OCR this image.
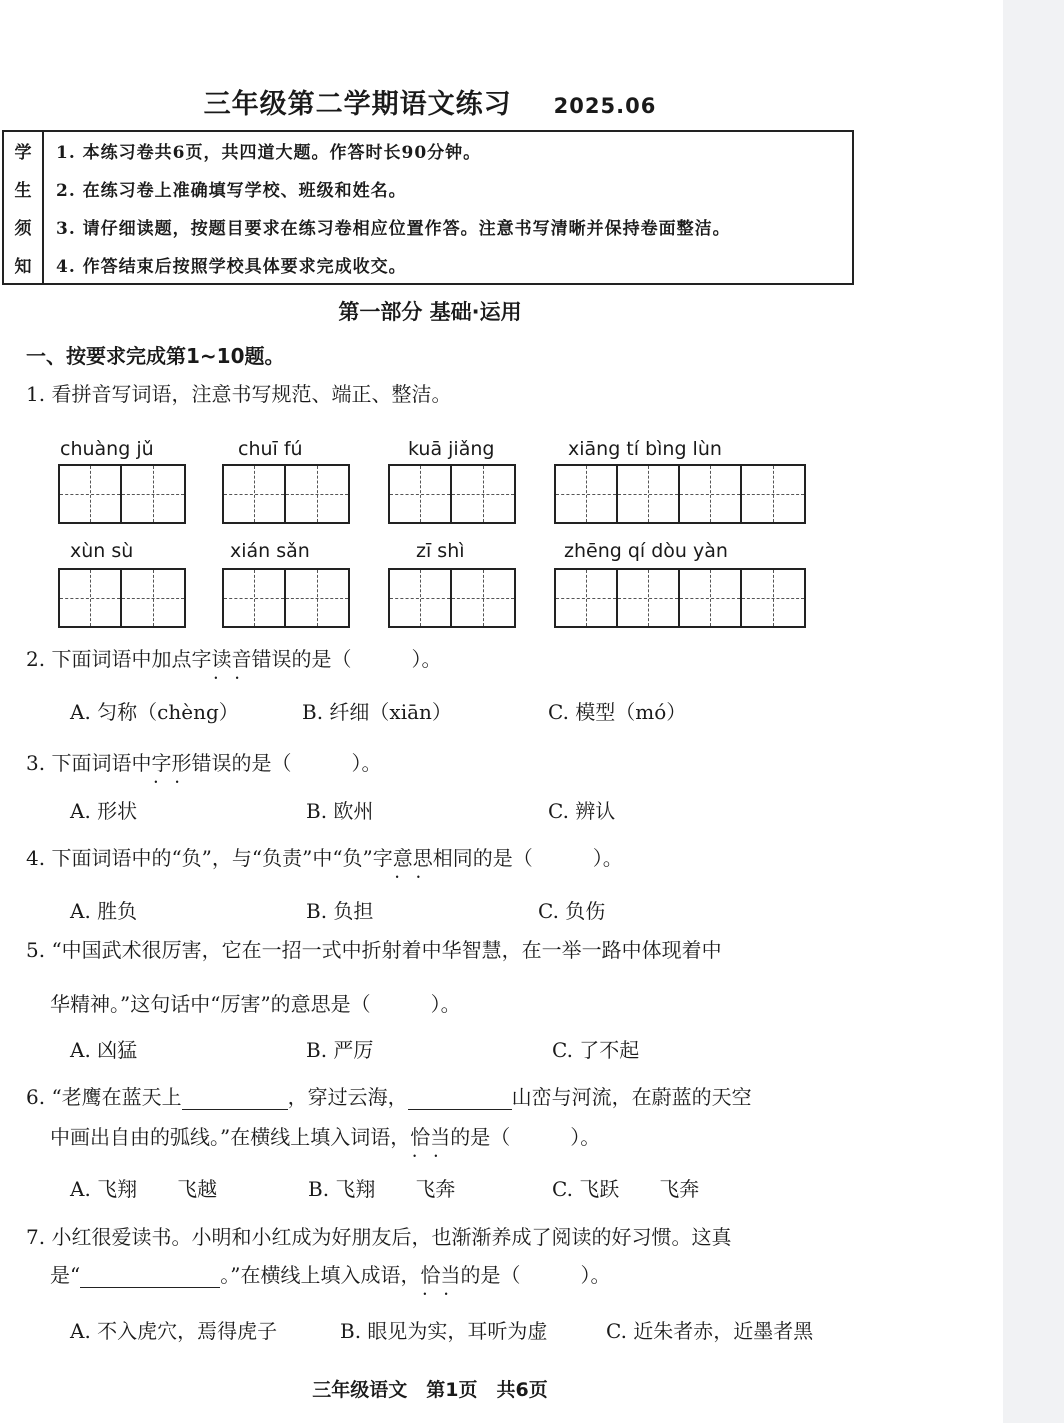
三年级第二学期语文练习 2025.06
学
生
须
知
1. 本练习卷共6页，共四道大题。作答时长90分钟。
2. 在练习卷上准确填写学校、班级和姓名。
3. 请仔细读题，按题目要求在练习卷相应位置作答。注意书写清晰并保持卷面整洁。
4. 作答结束后按照学校具体要求完成收交。
第一部分 基础·运用
一、按要求完成第1~10题。
1. 看拼音写词语，注意书写规范、端正、整洁。
chuàng jǔ	chuī fú	kuā jiǎng	xiāng tí bìng lùn
xùn sù	xián sǎn	zī shì	zhēng qí dòu yàn
2. 下面词语中加点字读音错误 • •的是（　　　）。
A. 匀称（chèng）	B. 纤细（xiān）	C. 模型（mó）
3. 下面词语中字形错误 • •的是（　　　）。
A. 形状	B. 欧州	C. 辨认
4. 下面词语中的“负”，与“负责”中“负”字意思相同 • •的是（　　　）。
A. 胜负	B. 负担	C. 负伤
5. “中国武术很厉害，它在一招一式中折射着中华智慧，在一举一路中体现着中
华精神。”这句话中“厉害”的意思是（　　　）。
A. 凶猛	B. 严厉	C. 了不起
6. “老鹰在蓝天上	，穿过云海，	山峦与河流，在蔚蓝的天空
中画出自由的弧线。”在横线上填入词语，恰当 • •的是（　　　）。
A. 飞翔　　飞越	B. 飞翔　　飞奔	C. 飞跃　　飞奔
7. 小红很爱读书。小明和小红成为好朋友后，也渐渐养成了阅读的好习惯。这真
是“	。”在横线上填入成语，恰当 • •的是（　　　）。
A. 不入虎穴，焉得虎子	B. 眼见为实，耳听为虚	C. 近朱者赤，近墨者黑
三年级语文　第1页　共6页
